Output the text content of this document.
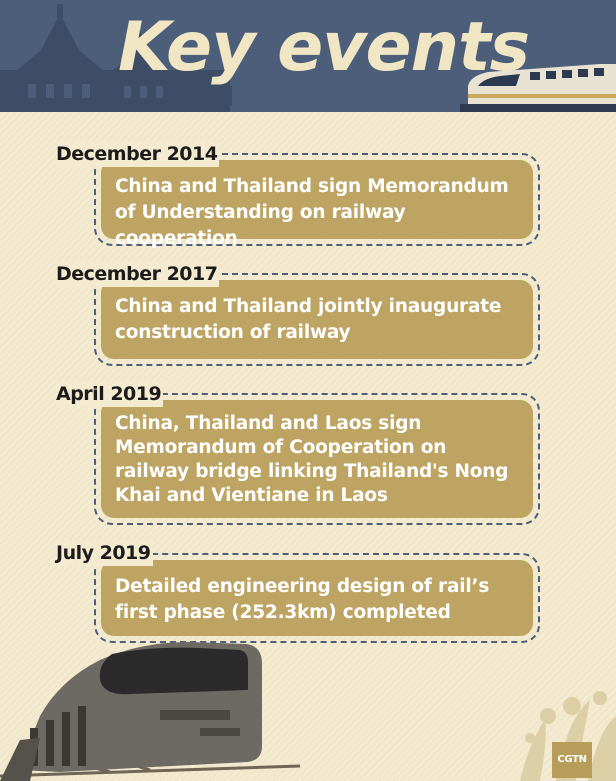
Key events
December 2014

China and Thailand sign Memorandum of Understanding on railway cooperation

December 2017

China and Thailand jointly inaugurate construction of railway

April 2019

China, Thailand and Laos sign Memorandum of Cooperation on railway bridge linking Thailand's Nong Khai and Vientiane in Laos

July 2019

Detailed engineering design of rail’s first phase (252.3km) completed

CGTN
